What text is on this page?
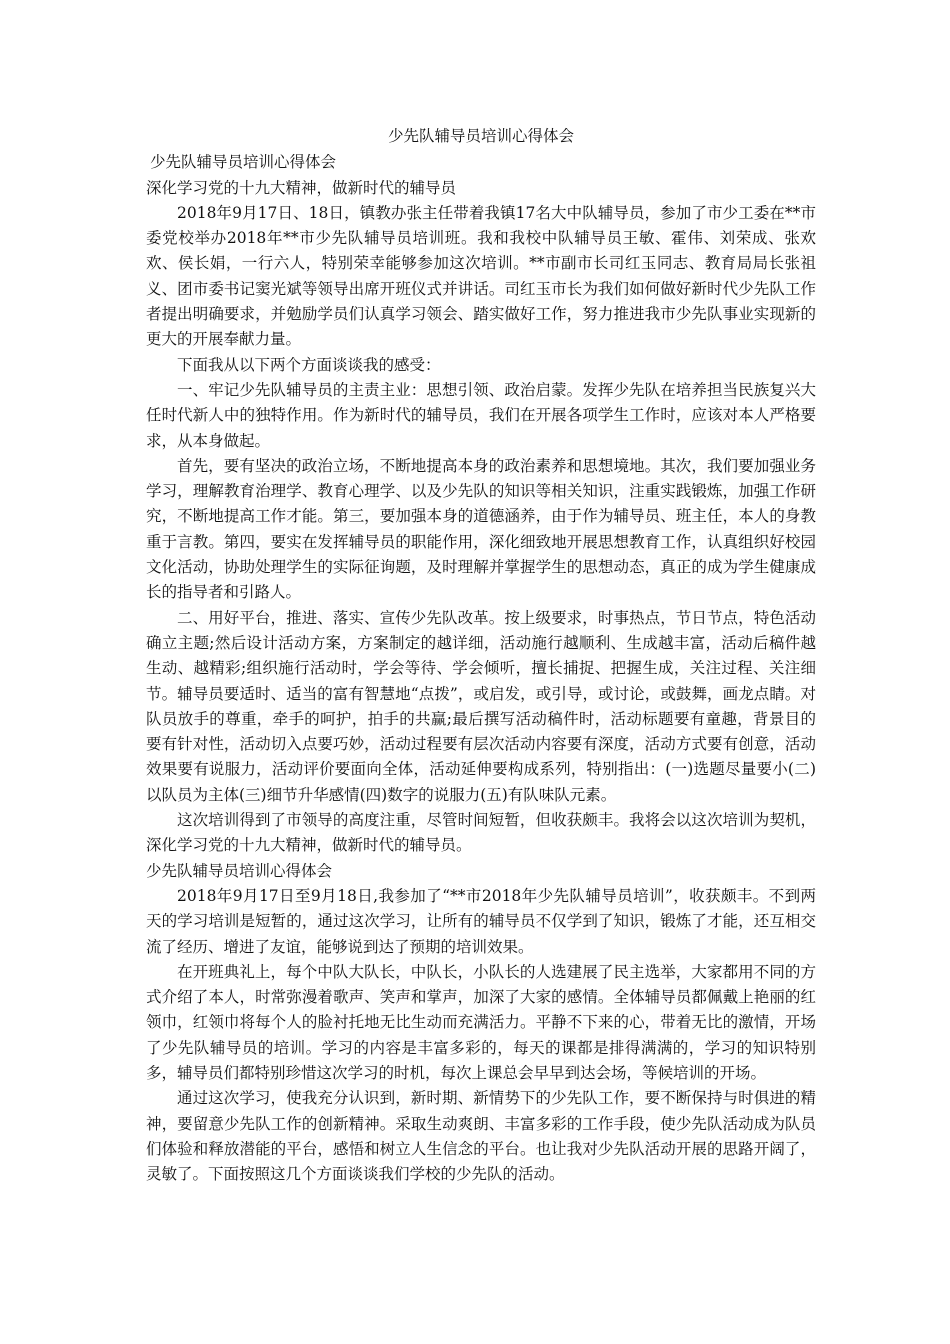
少先队辅导员培训心得体会

少先队辅导员培训心得体会

深化学习党的十九大精神，做新时代的辅导员

2018年9月17日、18日，镇教办张主任带着我镇17名大中队辅导员，参加了市少工委在**市委党校举办2018年**市少先队辅导员培训班。我和我校中队辅导员王敏、霍伟、刘荣成、张欢欢、侯长娟，一行六人，特别荣幸能够参加这次培训。**市副市长司红玉同志、教育局局长张祖义、团市委书记窦光斌等领导出席开班仪式并讲话。司红玉市长为我们如何做好新时代少先队工作者提出明确要求，并勉励学员们认真学习领会、踏实做好工作，努力推进我市少先队事业实现新的更大的开展奉献力量。

下面我从以下两个方面谈谈我的感受：

一、牢记少先队辅导员的主责主业：思想引领、政治启蒙。发挥少先队在培养担当民族复兴大任时代新人中的独特作用。作为新时代的辅导员，我们在开展各项学生工作时，应该对本人严格要求，从本身做起。

首先，要有坚决的政治立场，不断地提高本身的政治素养和思想境地。其次，我们要加强业务学习，理解教育治理学、教育心理学、以及少先队的知识等相关知识，注重实践锻炼，加强工作研究，不断地提高工作才能。第三，要加强本身的道德涵养，由于作为辅导员、班主任，本人的身教重于言教。第四，要实在发挥辅导员的职能作用，深化细致地开展思想教育工作，认真组织好校园文化活动，协助处理学生的实际征询题，及时理解并掌握学生的思想动态，真正的成为学生健康成长的指导者和引路人。

二、用好平台，推进、落实、宣传少先队改革。按上级要求，时事热点，节日节点，特色活动确立主题;然后设计活动方案，方案制定的越详细，活动施行越顺利、生成越丰富，活动后稿件越生动、越精彩;组织施行活动时，学会等待、学会倾听，擅长捕捉、把握生成，关注过程、关注细节。辅导员要适时、适当的富有智慧地“点拨”，或启发，或引导，或讨论，或鼓舞，画龙点睛。对队员放手的尊重，牵手的呵护，拍手的共赢;最后撰写活动稿件时，活动标题要有童趣，背景目的要有针对性，活动切入点要巧妙，活动过程要有层次活动内容要有深度，活动方式要有创意，活动效果要有说服力，活动评价要面向全体，活动延伸要构成系列，特别指出：(一)选题尽量要小(二)以队员为主体(三)细节升华感情(四)数字的说服力(五)有队味队元素。

这次培训得到了市领导的高度注重，尽管时间短暂，但收获颇丰。我将会以这次培训为契机，深化学习党的十九大精神，做新时代的辅导员。

少先队辅导员培训心得体会

2018年9月17日至9月18日,我参加了“**市2018年少先队辅导员培训”，收获颇丰。不到两天的学习培训是短暂的，通过这次学习，让所有的辅导员不仅学到了知识，锻炼了才能，还互相交流了经历、增进了友谊，能够说到达了预期的培训效果。

在开班典礼上，每个中队大队长，中队长，小队长的人选建展了民主选举，大家都用不同的方式介绍了本人，时常弥漫着歌声、笑声和掌声，加深了大家的感情。全体辅导员都佩戴上艳丽的红领巾，红领巾将每个人的脸衬托地无比生动而充满活力。平静不下来的心，带着无比的激情，开场了少先队辅导员的培训。学习的内容是丰富多彩的，每天的课都是排得满满的，学习的知识特别多，辅导员们都特别珍惜这次学习的时机，每次上课总会早早到达会场，等候培训的开场。

通过这次学习，使我充分认识到，新时期、新情势下的少先队工作，要不断保持与时俱进的精神，要留意少先队工作的创新精神。采取生动爽朗、丰富多彩的工作手段，使少先队活动成为队员们体验和释放潜能的平台，感悟和树立人生信念的平台。也让我对少先队活动开展的思路开阔了，灵敏了。下面按照这几个方面谈谈我们学校的少先队的活动。
